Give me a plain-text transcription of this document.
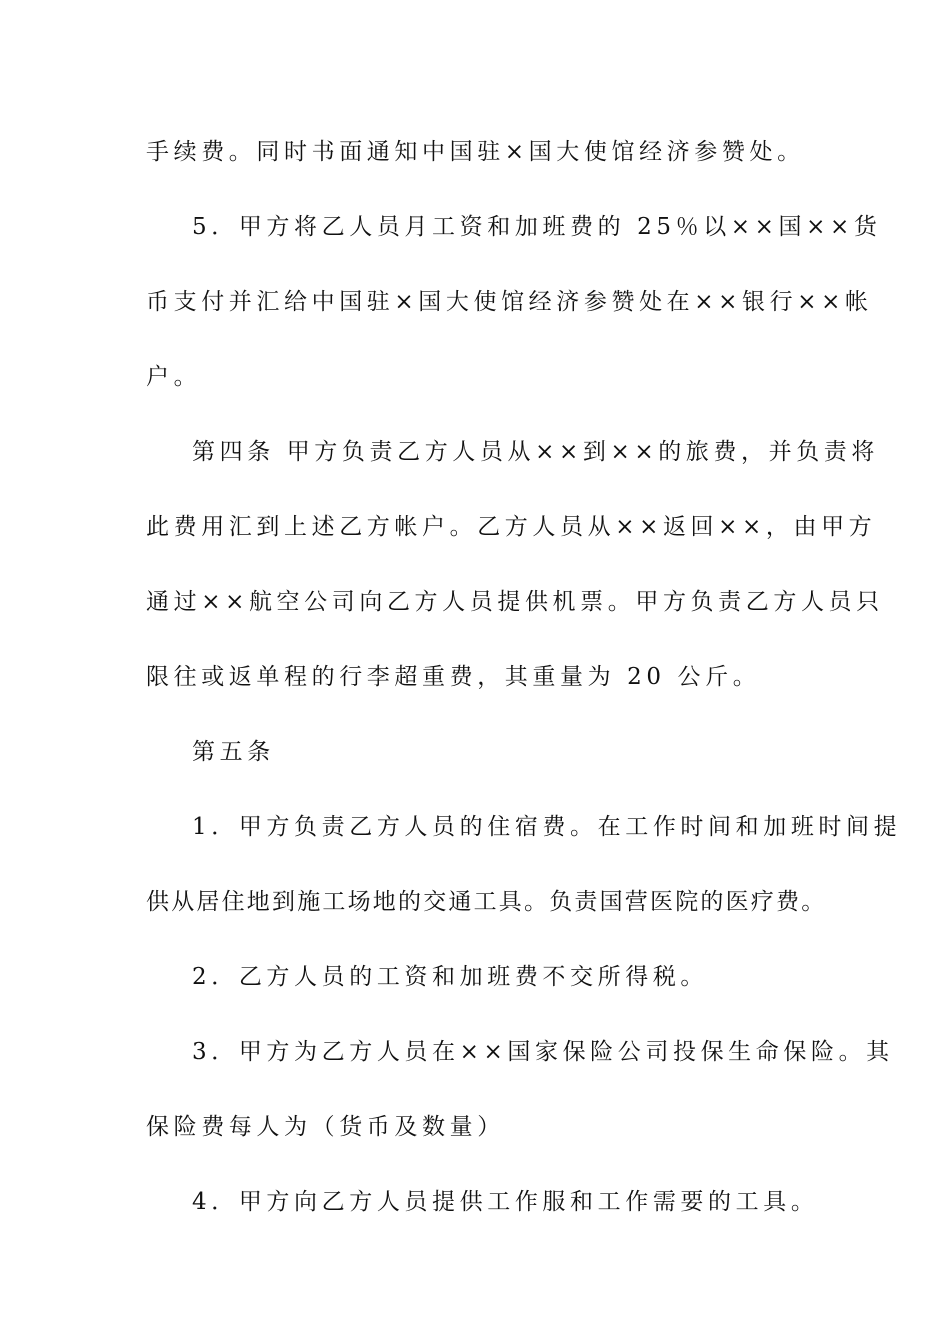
手续费。同时书面通知中国驻×国大使馆经济参赞处。
5．甲方将乙人员月工资和加班费的 25％以××国××货
币支付并汇给中国驻×国大使馆经济参赞处在××银行××帐
户。
第四条 甲方负责乙方人员从××到××的旅费，并负责将
此费用汇到上述乙方帐户。乙方人员从××返回××，由甲方
通过××航空公司向乙方人员提供机票。甲方负责乙方人员只
限往或返单程的行李超重费，其重量为 20 公斤。
第五条
1．甲方负责乙方人员的住宿费。在工作时间和加班时间提
供从居住地到施工场地的交通工具。负责国营医院的医疗费。
2．乙方人员的工资和加班费不交所得税。
3．甲方为乙方人员在××国家保险公司投保生命保险。其
保险费每人为（货币及数量）
4．甲方向乙方人员提供工作服和工作需要的工具。
